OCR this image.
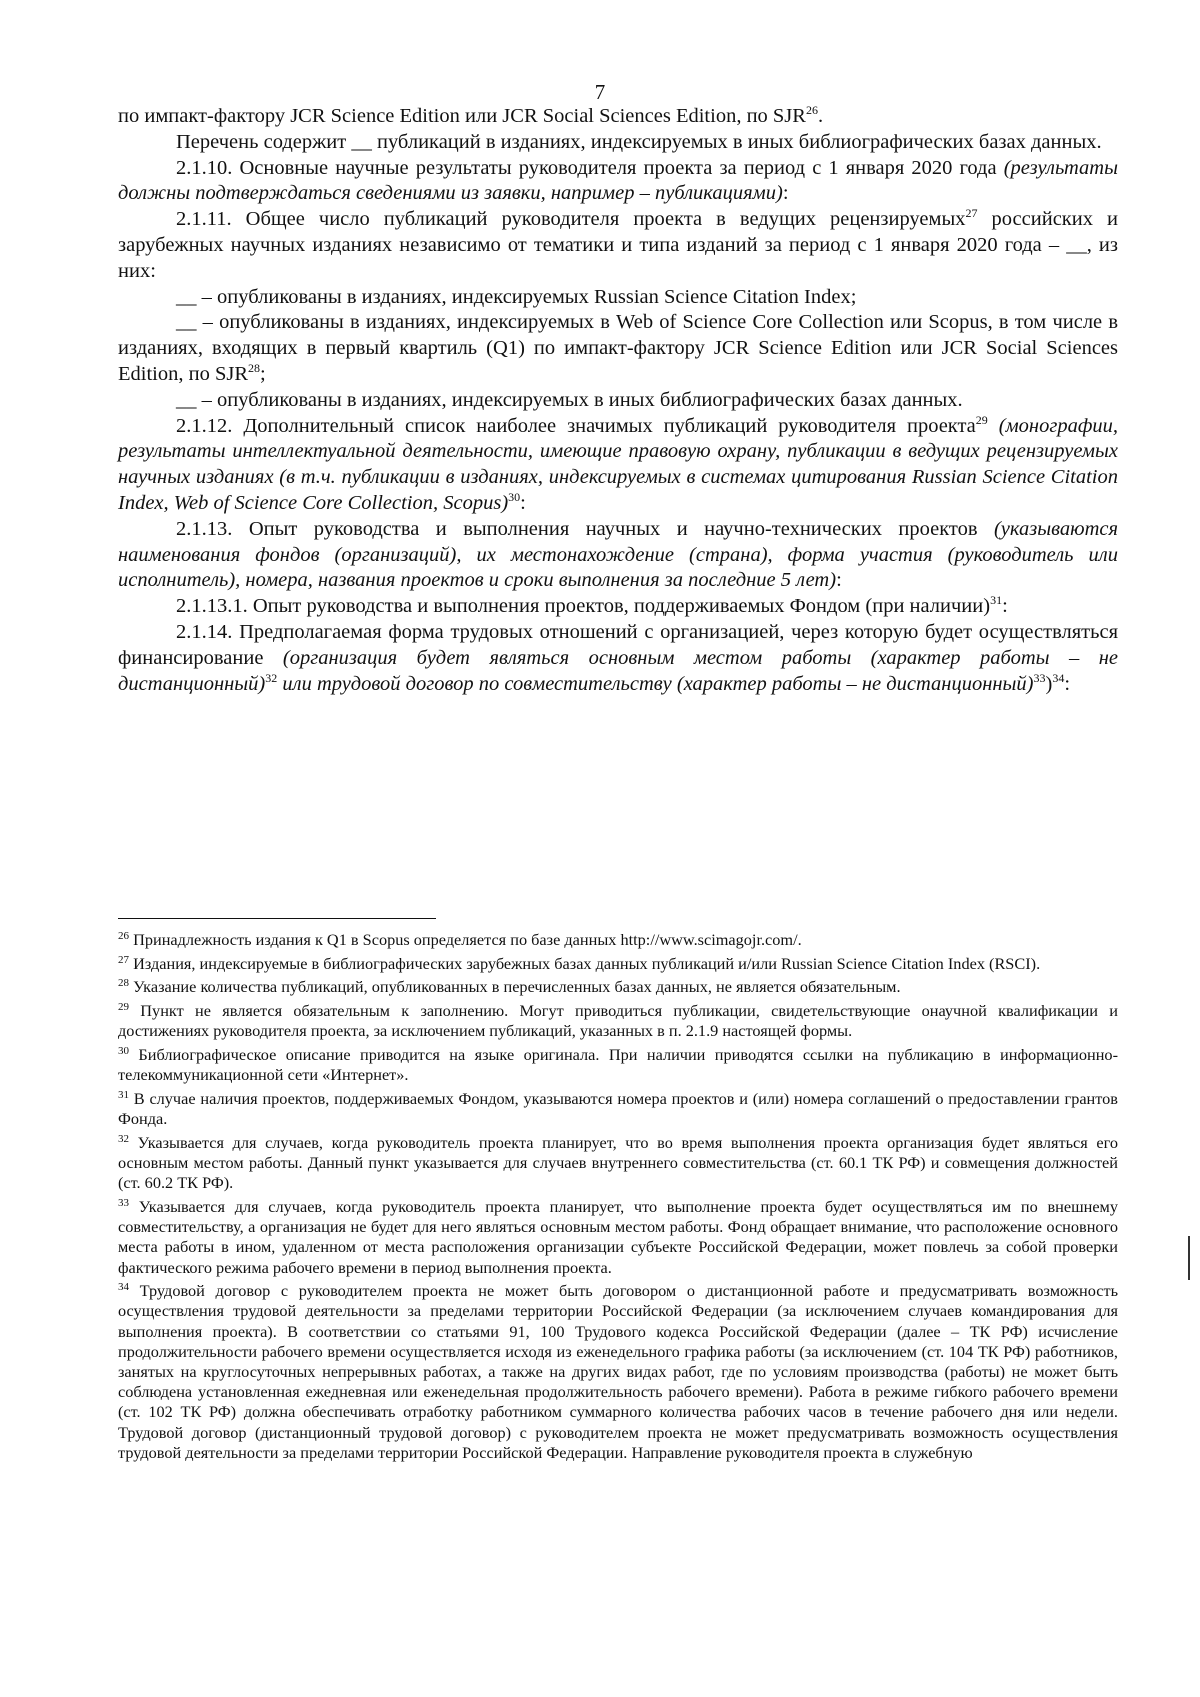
7

по импакт-фактору JCR Science Edition или JCR Social Sciences Edition, по SJR$^{26}$.

Перечень содержит __ публикаций в изданиях, индексируемых в иных библиографических базах данных.

2.1.10. Основные научные результаты руководителя проекта за период с 1 января 2020 года (результаты должны подтверждаться сведениями из заявки, например – публикациями):

2.1.11. Общее число публикаций руководителя проекта в ведущих рецензируемых$^{27}$ российских и зарубежных научных изданиях независимо от тематики и типа изданий за период с 1 января 2020 года – __, из них:

__ – опубликованы в изданиях, индексируемых Russian Science Citation Index;

__ – опубликованы в изданиях, индексируемых в Web of Science Core Collection или Scopus, в том числе в изданиях, входящих в первый квартиль (Q1) по импакт-фактору JCR Science Edition или JCR Social Sciences Edition, по SJR$^{28}$;

__ – опубликованы в изданиях, индексируемых в иных библиографических базах данных.

2.1.12. Дополнительный список наиболее значимых публикаций руководителя проекта$^{29}$ (монографии, результаты интеллектуальной деятельности, имеющие правовую охрану, публикации в ведущих рецензируемых научных изданиях (в т.ч. публикации в изданиях, индексируемых в системах цитирования Russian Science Citation Index, Web of Science Core Collection, Scopus)$^{30}$:

2.1.13. Опыт руководства и выполнения научных и научно-технических проектов (указываются наименования фондов (организаций), их местонахождение (страна), форма участия (руководитель или исполнитель), номера, названия проектов и сроки выполнения за последние 5 лет):

2.1.13.1. Опыт руководства и выполнения проектов, поддерживаемых Фондом (при наличии)$^{31}$:

2.1.14. Предполагаемая форма трудовых отношений с организацией, через которую будет осуществляться финансирование (организация будет являться основным местом работы (характер работы – не дистанционный)$^{32}$ или трудовой договор по совместительству (характер работы – не дистанционный)$^{33}$)$^{34}$:

$^{26}$ Принадлежность издания к Q1 в Scopus определяется по базе данных http://www.scimagojr.com/.

$^{27}$ Издания, индексируемые в библиографических зарубежных базах данных публикаций и/или Russian Science Citation Index (RSCI).

$^{28}$ Указание количества публикаций, опубликованных в перечисленных базах данных, не является обязательным.

$^{29}$ Пункт не является обязательным к заполнению. Могут приводиться публикации, свидетельствующие онаучной квалификации и достижениях руководителя проекта, за исключением публикаций, указанных в п. 2.1.9 настоящей формы.

$^{30}$ Библиографическое описание приводится на языке оригинала. При наличии приводятся ссылки на публикацию в информационно-телекоммуникационной сети «Интернет».

$^{31}$ В случае наличия проектов, поддерживаемых Фондом, указываются номера проектов и (или) номера соглашений о предоставлении грантов Фонда.

$^{32}$ Указывается для случаев, когда руководитель проекта планирует, что во время выполнения проекта организация будет являться его основным местом работы. Данный пункт указывается для случаев внутреннего совместительства (ст. 60.1 ТК РФ) и совмещения должностей (ст. 60.2 ТК РФ).

$^{33}$ Указывается для случаев, когда руководитель проекта планирует, что выполнение проекта будет осуществляться им по внешнему совместительству, а организация не будет для него являться основным местом работы. Фонд обращает внимание, что расположение основного места работы в ином, удаленном от места расположения организации субъекте Российской Федерации, может повлечь за собой проверки фактического режима рабочего времени в период выполнения проекта.

$^{34}$ Трудовой договор с руководителем проекта не может быть договором о дистанционной работе и предусматривать возможность осуществления трудовой деятельности за пределами территории Российской Федерации (за исключением случаев командирования для выполнения проекта). В соответствии со статьями 91, 100 Трудового кодекса Российской Федерации (далее – ТК РФ) исчисление продолжительности рабочего времени осуществляется исходя из еженедельного графика работы (за исключением (ст. 104 ТК РФ) работников, занятых на круглосуточных непрерывных работах, а также на других видах работ, где по условиям производства (работы) не может быть соблюдена установленная ежедневная или еженедельная продолжительность рабочего времени). Работа в режиме гибкого рабочего времени (ст. 102 ТК РФ) должна обеспечивать отработку работником суммарного количества рабочих часов в течение рабочего дня или недели. Трудовой договор (дистанционный трудовой договор) с руководителем проекта не может предусматривать возможность осуществления трудовой деятельности за пределами территории Российской Федерации. Направление руководителя проекта в служебную
